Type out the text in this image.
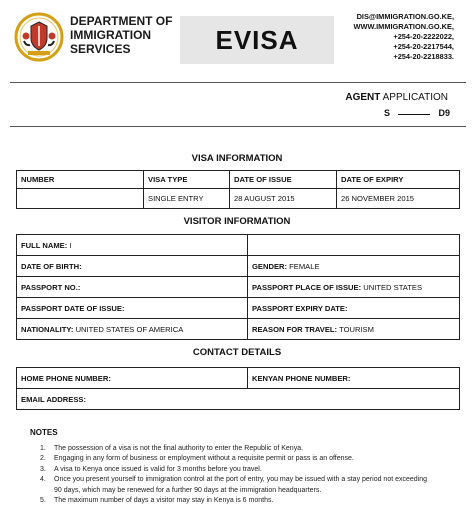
DEPARTMENT OF
IMMIGRATION
SERVICES	EVISA
DIS@IMMIGRATION.GO.KE,
WWW.IMMIGRATION.GO.KE,
+254-20-2222022,
+254-20-2217544,
+254-20-2218833.
AGENT APPLICATION
S	D9
VISA INFORMATION
NUMBER	VISA TYPE	DATE OF ISSUE	DATE OF EXPIRY
	SINGLE ENTRY	28 AUGUST 2015	26 NOVEMBER 2015
VISITOR INFORMATION
FULL NAME: I	
DATE OF BIRTH:	GENDER: FEMALE
PASSPORT NO.:	PASSPORT PLACE OF ISSUE: UNITED STATES
PASSPORT DATE OF ISSUE:	PASSPORT EXPIRY DATE:
NATIONALITY: UNITED STATES OF AMERICA	REASON FOR TRAVEL: TOURISM
CONTACT DETAILS
HOME PHONE NUMBER:	KENYAN PHONE NUMBER:
EMAIL ADDRESS:
NOTES
1.	The possession of a visa is not the final authority to enter the Republic of Kenya.
2.	Engaging in any form of business or employment without a requisite permit or pass is an offense.
3.	A visa to Kenya once issued is valid for 3 months before you travel.
4.	Once you present yourself to immigration control at the port of entry, you may be issued with a stay period not exceeding
90 days, which may be renewed for a further 90 days at the immigration headquarters.
5.	The maximum number of days a visitor may stay in Kenya is 6 months.
